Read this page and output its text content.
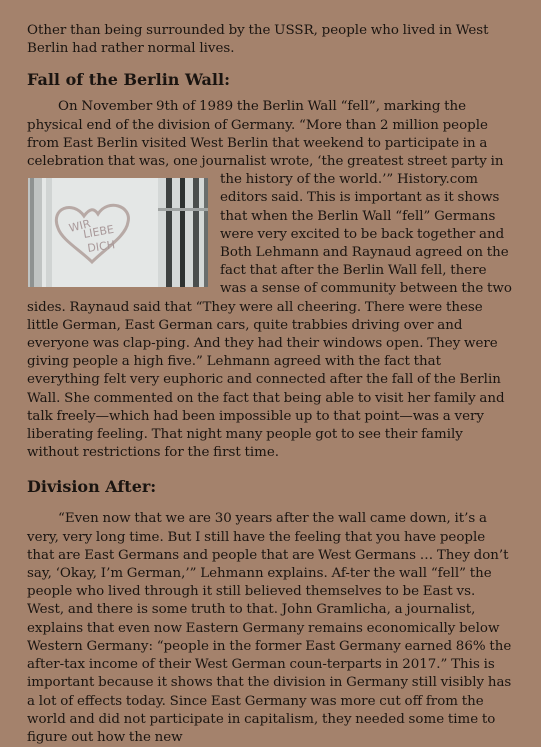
Other than being surrounded by the USSR, people who lived in West Berlin had rather normal lives.

Fall of the Berlin Wall:

On November 9th of 1989 the Berlin Wall “fell”, marking the physical end of the division of Germany. “More than 2 million people from East Berlin visited West Berlin that weekend to participate in a celebration that was, one journalist wrote, ‘the greatest
WIR
LIEBE
DICH
street party in the history of the world.’” History.com editors said. This is important as it shows that when the Berlin Wall “fell” Germans were very excited to be back together and Both Lehmann and Raynaud agreed on the fact that after the Berlin Wall fell, there was a sense of community between the two sides. Raynaud said that “They were all cheering. There were these little German, East German cars, quite trabbies driving over and everyone was clap-ping. And they had their windows open. They were giving people a high five.” Lehmann agreed with the fact that everything felt very euphoric and connected after the fall of the Berlin Wall. She commented on the fact that being able to visit her family and talk freely—which had been impossible up to that point—was a very liberating feeling. That night many people got to see their family without restrictions for the first time.

Division After:

“Even now that we are 30 years after the wall came down, it’s a very, very long time. But I still have the feeling that you have people that are East Germans and people that are West Germans … They don’t say, ‘Okay, I’m German,’” Lehmann explains. Af-ter the wall “fell” the people who lived through it still believed themselves to be East vs. West, and there is some truth to that. John Gramlicha, a journalist, explains that even now Eastern Germany remains economically below Western Germany: “people in the former East Germany earned 86% the after-tax income of their West German coun-terparts in 2017.” This is important because it shows that the division in Germany still visibly has a lot of effects today. Since East Germany was more cut off from the world and did not participate in capitalism, they needed some time to figure out how the new
